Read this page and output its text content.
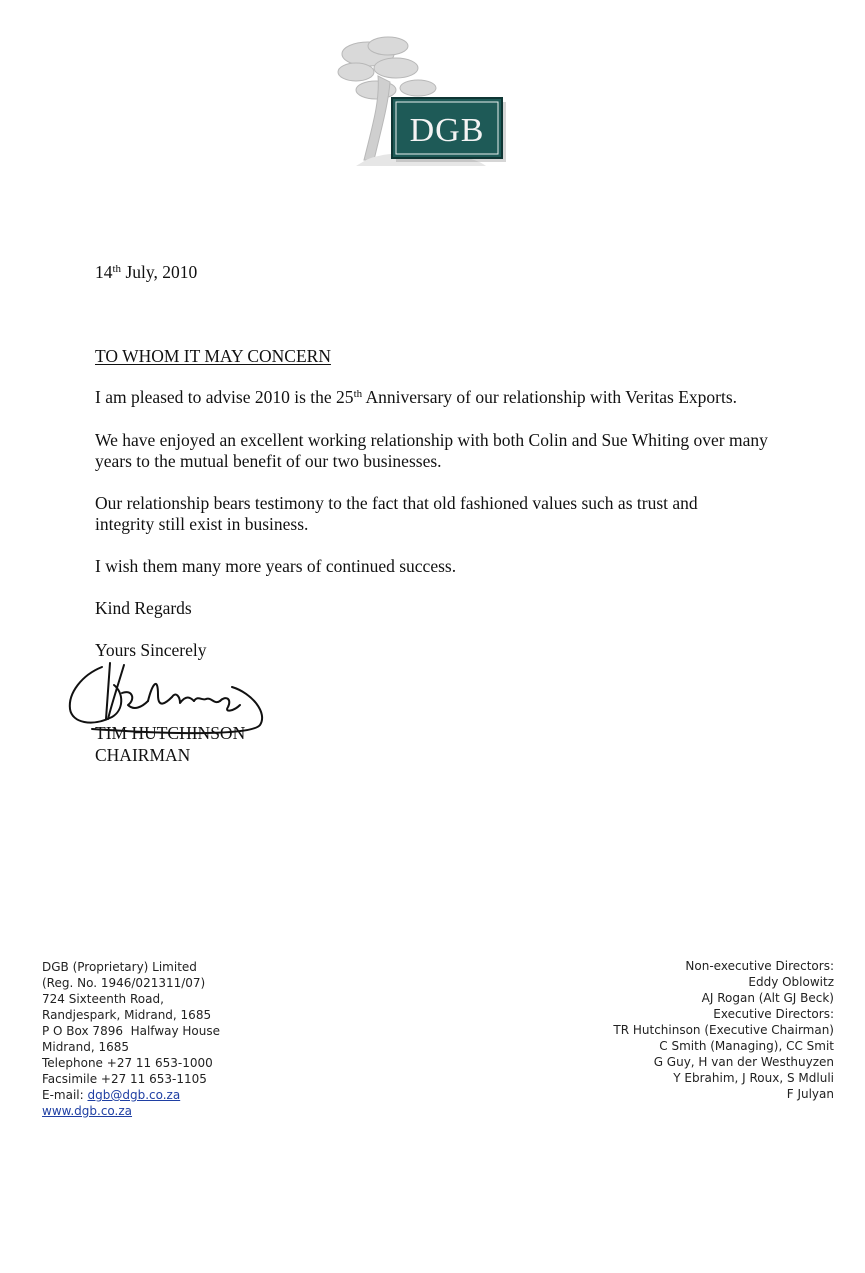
DGB
14th July, 2010
TO WHOM IT MAY CONCERN

I am pleased to advise 2010 is the 25th Anniversary of our relationship with Veritas Exports.

We have enjoyed an excellent working relationship with both Colin and Sue Whiting over many years to the mutual benefit of our two businesses.

Our relationship bears testimony to the fact that old fashioned values such as trust and integrity still exist in business.

I wish them many more years of continued success.

Kind Regards

Yours Sincerely

TIM HUTCHINSON
CHAIRMAN
DGB (Proprietary) Limited
(Reg. No. 1946/021311/07)
724 Sixteenth Road,
Randjespark, Midrand, 1685
P O Box 7896  Halfway House
Midrand, 1685
Telephone +27 11 653-1000
Facsimile +27 11 653-1105
E-mail: dgb@dgb.co.za
www.dgb.co.za
Non-executive Directors:
Eddy Oblowitz
AJ Rogan (Alt GJ Beck)
Executive Directors:
TR Hutchinson (Executive Chairman)
C Smith (Managing), CC Smit
G Guy, H van der Westhuyzen
Y Ebrahim, J Roux, S Mdluli
F Julyan
